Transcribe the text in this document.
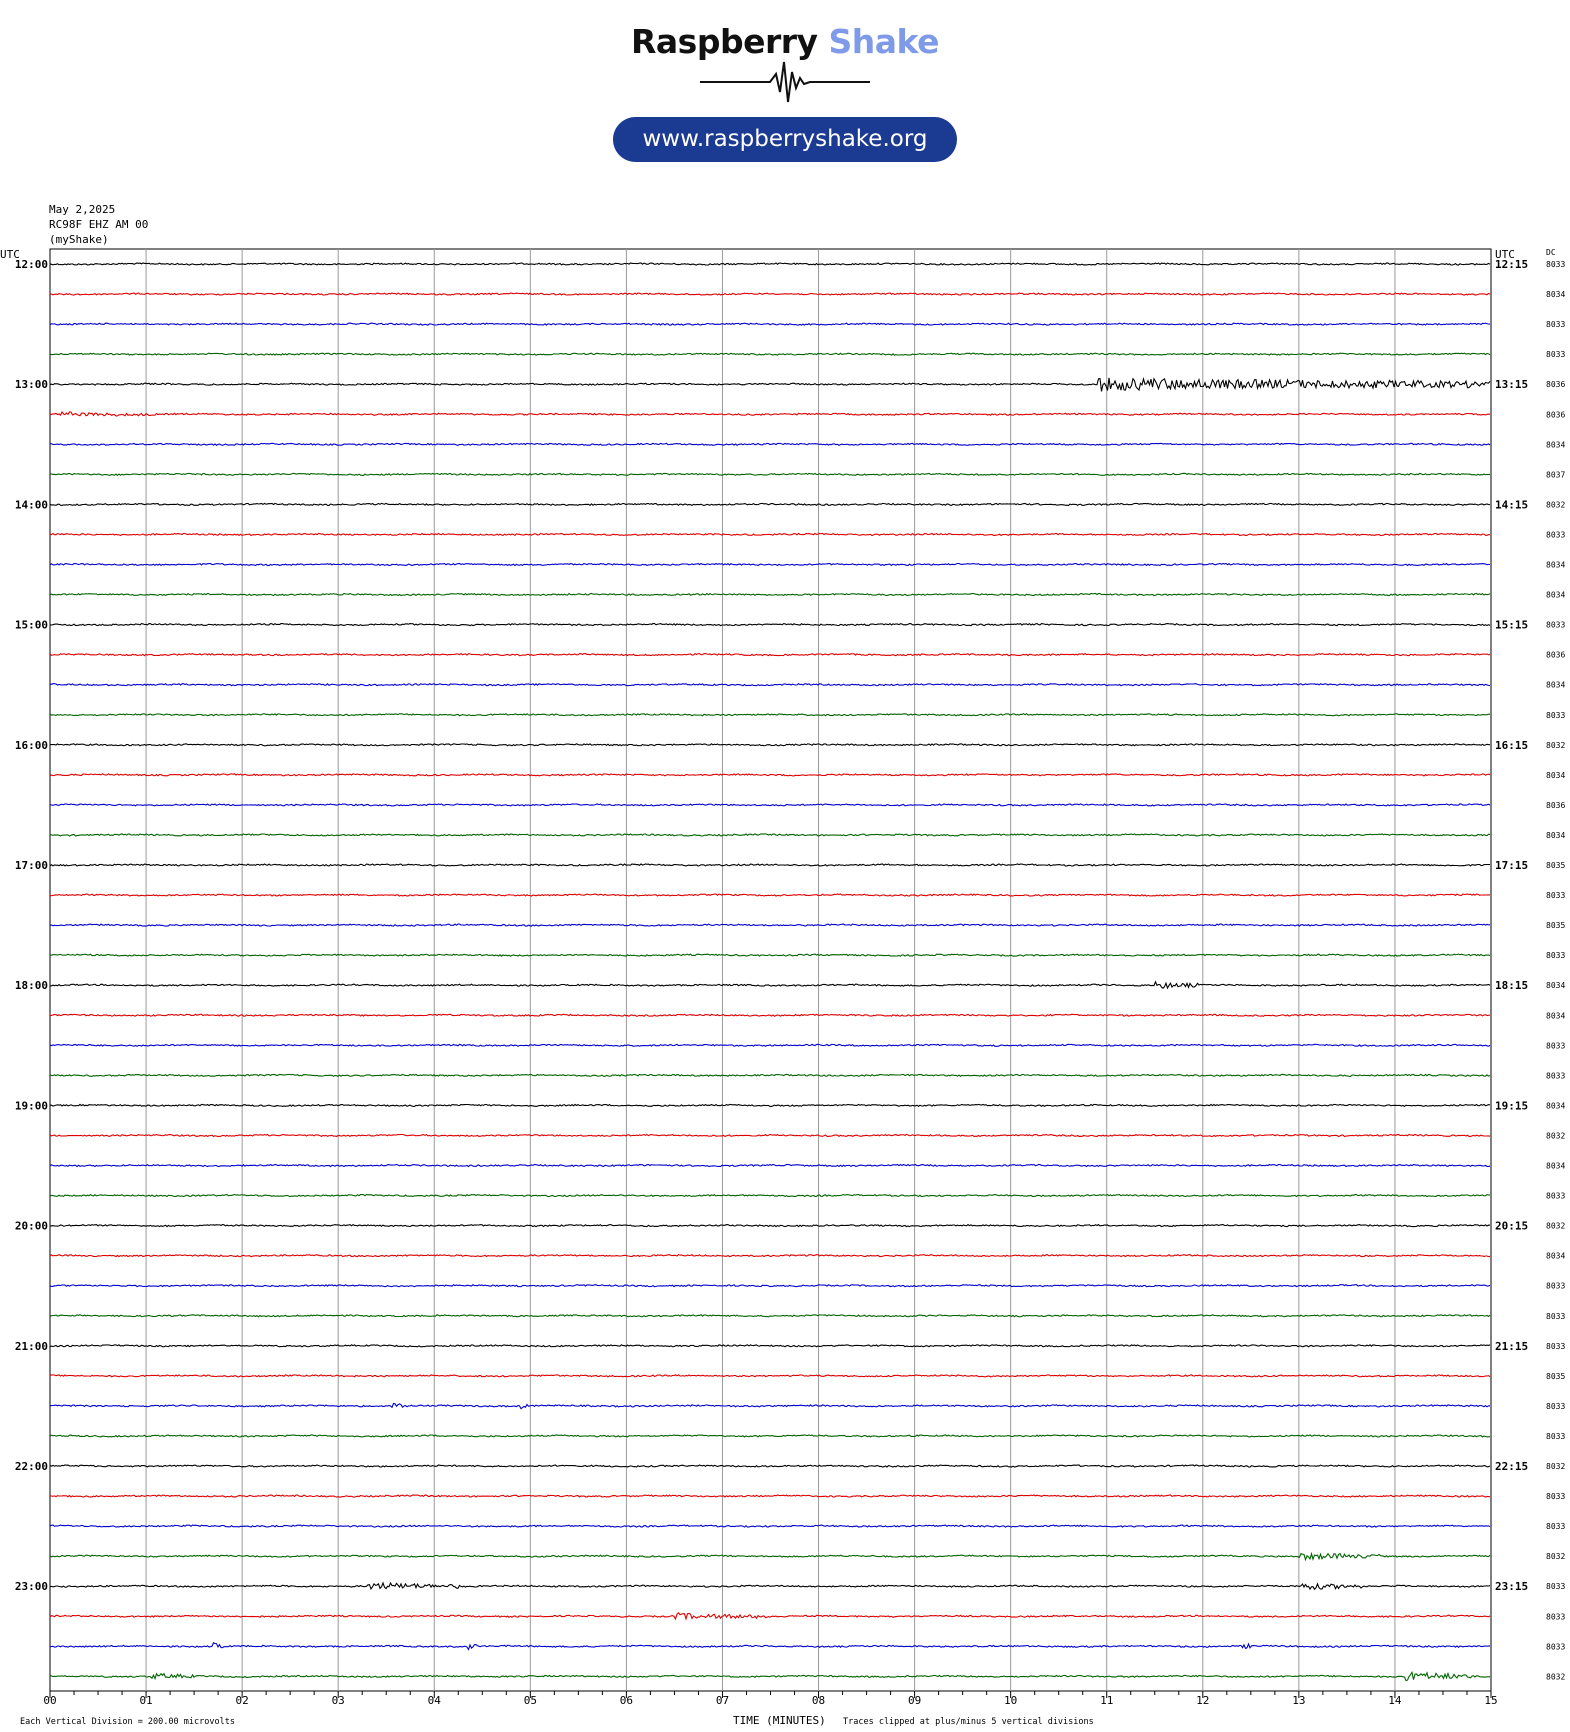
Raspberry Shake
www.raspberryshake.org
May 2,2025
RC98F EHZ AM 00
(myShake)
00	01	02	03	04	05	06	07	08	09	10	11	12	13	14	15
8033
12:00	12:15
8034
8033
8033
8036
13:00	13:15
8036
8034
8037
8032
14:00	14:15
8033
8034
8034
8033
15:00	15:15
8036
8034
8033
8032
16:00	16:15
8034
8036
8034
8035
17:00	17:15
8033
8035
8033
8034
18:00	18:15
8034
8033
8033
8034
19:00	19:15
8032
8034
8033
8032
20:00	20:15
8034
8033
8033
8033
21:00	21:15
8035
8033
8033
8032
22:00	22:15
8033
8033
8032
8033
23:00	23:15
8033
8033
8032
UTC	UTC	DC
Each Vertical Division = 200.00 microvolts	TIME (MINUTES) Traces clipped at plus/minus 5 vertical divisions
